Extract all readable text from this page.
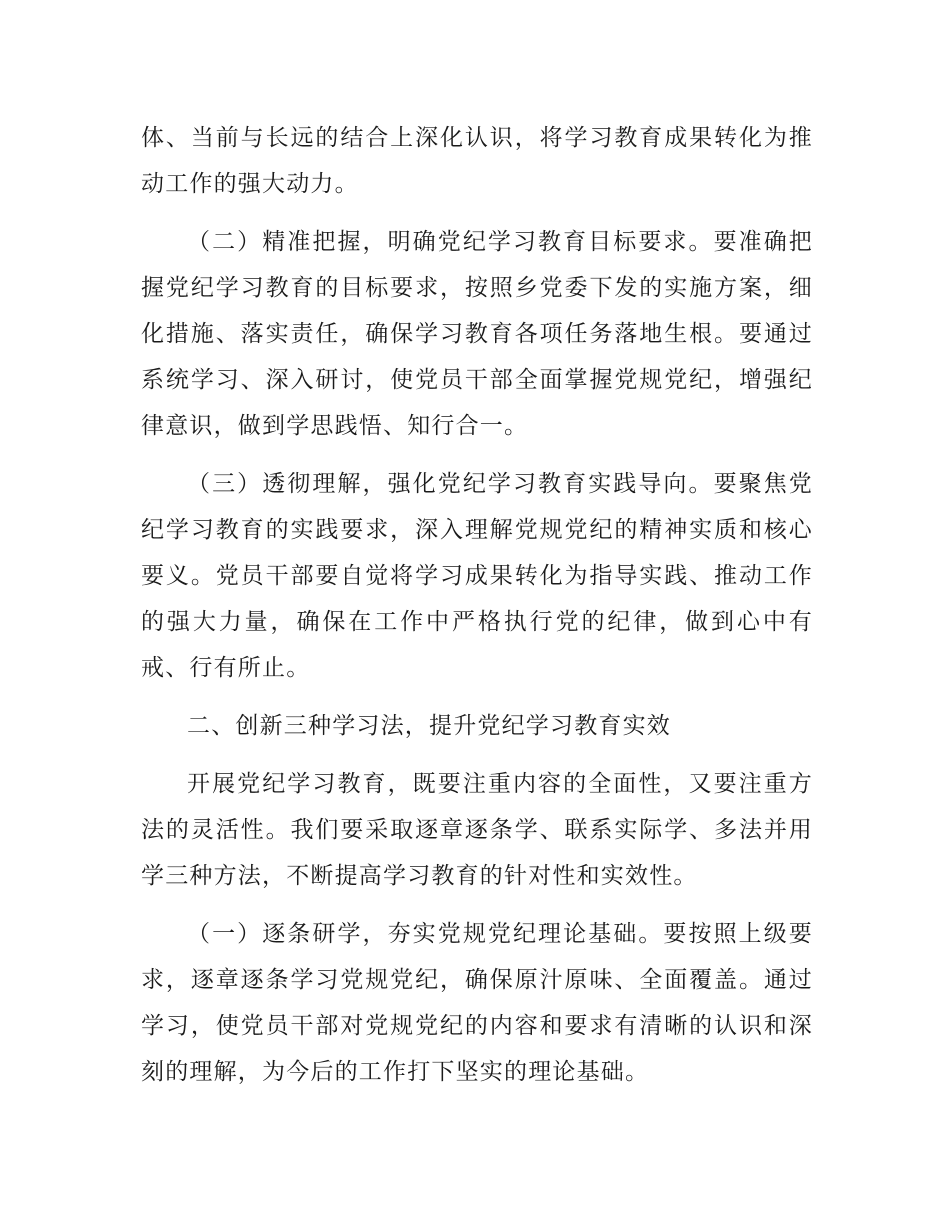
体、当前与长远的结合上深化认识，将学习教育成果转化为推动工作的强大动力。

（二）精准把握，明确党纪学习教育目标要求。要准确把握党纪学习教育的目标要求，按照乡党委下发的实施方案，细化措施、落实责任，确保学习教育各项任务落地生根。要通过系统学习、深入研讨，使党员干部全面掌握党规党纪，增强纪律意识，做到学思践悟、知行合一。

（三）透彻理解，强化党纪学习教育实践导向。要聚焦党纪学习教育的实践要求，深入理解党规党纪的精神实质和核心要义。党员干部要自觉将学习成果转化为指导实践、推动工作的强大力量，确保在工作中严格执行党的纪律，做到心中有戒、行有所止。

二、创新三种学习法，提升党纪学习教育实效

开展党纪学习教育，既要注重内容的全面性，又要注重方法的灵活性。我们要采取逐章逐条学、联系实际学、多法并用学三种方法，不断提高学习教育的针对性和实效性。

（一）逐条研学，夯实党规党纪理论基础。要按照上级要求，逐章逐条学习党规党纪，确保原汁原味、全面覆盖。通过学习，使党员干部对党规党纪的内容和要求有清晰的认识和深刻的理解，为今后的工作打下坚实的理论基础。
